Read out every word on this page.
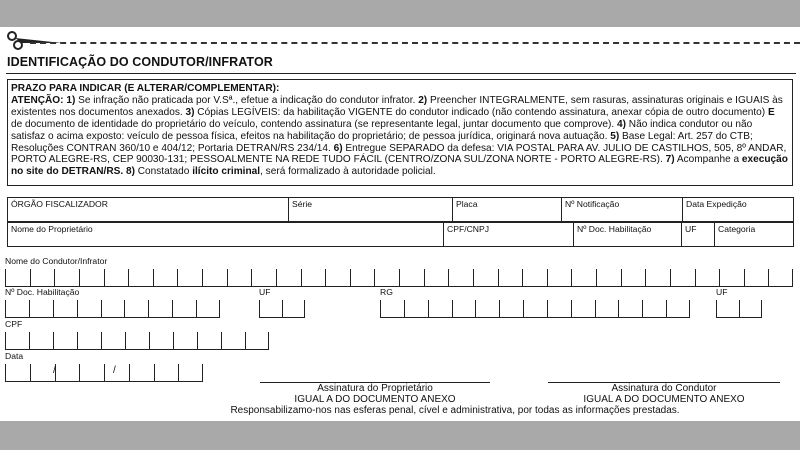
IDENTIFICAÇÃO DO CONDUTOR/INFRATOR
PRAZO PARA INDICAR (E ALTERAR/COMPLEMENTAR):
ATENÇÃO: 1) Se infração não praticada por V.Sª., efetue a indicação do condutor infrator. 2) Preencher INTEGRALMENTE, sem rasuras, assinaturas originais e IGUAIS às existentes nos documentos anexados. 3) Cópias LEGÍVEIS: da habilitação VIGENTE do condutor indicado (não contendo assinatura, anexar cópia de outro documento) E de documento de identidade do proprietário do veículo, contendo assinatura (se representante legal, juntar documento que comprove). 4) Não indica condutor ou não satisfaz o acima exposto: veículo de pessoa física, efeitos na habilitação do proprietário; de pessoa jurídica, originará nova autuação. 5) Base Legal: Art. 257 do CTB; Resoluções CONTRAN 360/10 e 404/12; Portaria DETRAN/RS 234/14. 6) Entregue SEPARADO da defesa: VIA POSTAL PARA AV. JULIO DE CASTILHOS, 505, 8º ANDAR, PORTO ALEGRE-RS, CEP 90030-131; PESSOALMENTE NA REDE TUDO FÁCIL (CENTRO/ZONA SUL/ZONA NORTE - PORTO ALEGRE-RS). 7) Acompanhe a execução no site do DETRAN/RS. 8) Constatado ilícito criminal, será formalizado à autoridade policial.
ÓRGÃO FISCALIZADOR	Série	Placa	Nº Notificação	Data Expedição
Nome do Proprietário	CPF/CNPJ	Nº Doc. Habilitação	UF	Categoria
Nome do Condutor/Infrator
Nº Doc. Habilitação	UF	RG	UF
CPF
Data
/	/
Assinatura do Proprietário
IGUAL A DO DOCUMENTO ANEXO
Assinatura do Condutor
IGUAL A DO DOCUMENTO ANEXO
Responsabilizamo-nos nas esferas penal, cível e administrativa, por todas as informações prestadas.
